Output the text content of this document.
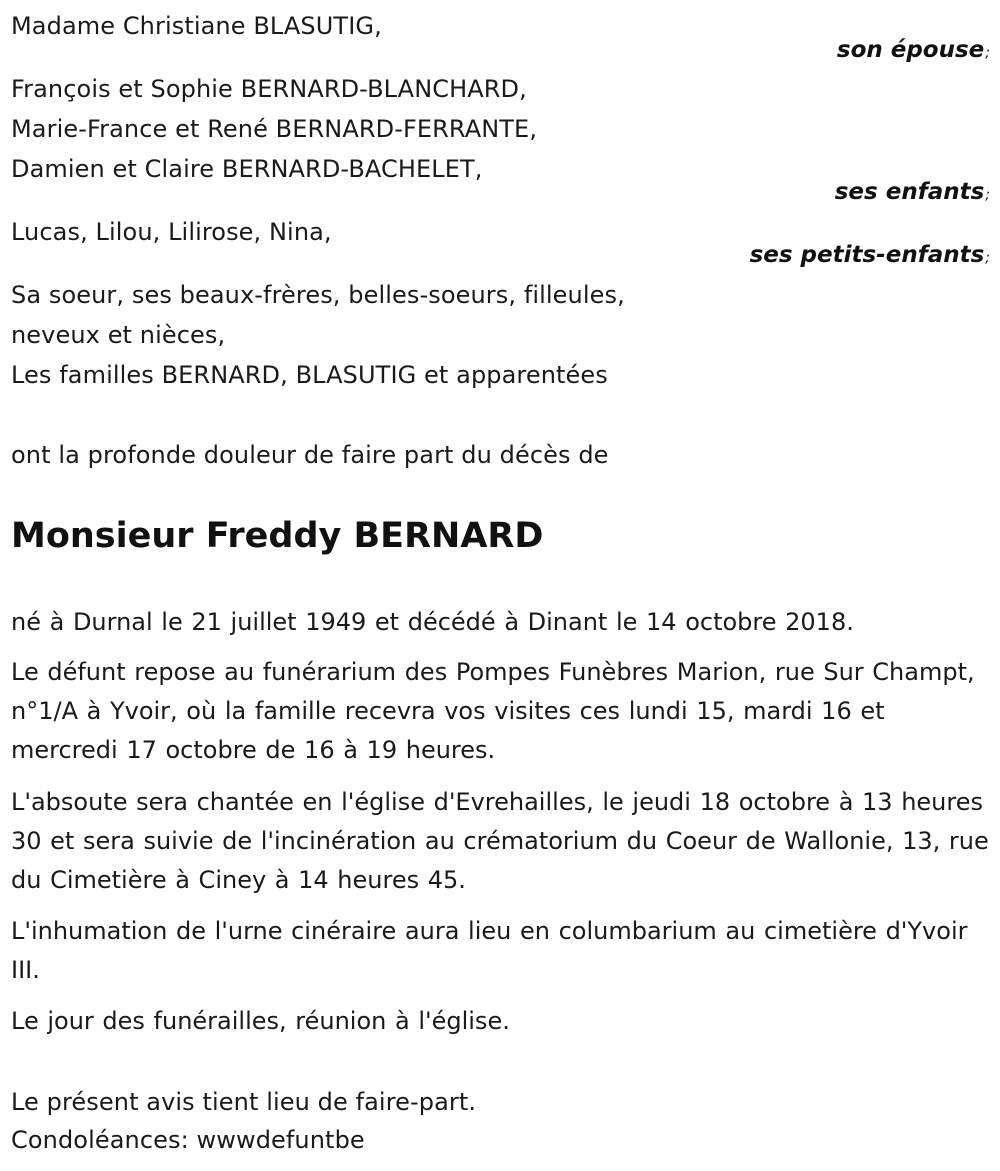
Madame Christiane BLASUTIG,
son épouse;
François et Sophie BERNARD-BLANCHARD,
Marie-France et René BERNARD-FERRANTE,
Damien et Claire BERNARD-BACHELET,
ses enfants;
Lucas, Lilou, Lilirose, Nina,
ses petits-enfants;
Sa soeur, ses beaux-frères, belles-soeurs, filleules,
neveux et nièces,
Les familles BERNARD, BLASUTIG et apparentées
ont la profonde douleur de faire part du décès de
Monsieur Freddy BERNARD
né à Durnal le 21 juillet 1949 et décédé à Dinant le 14 octobre 2018.
Le défunt repose au funérarium des Pompes Funèbres Marion, rue Sur Champt, n°1/A à Yvoir, où la famille recevra vos visites ces lundi 15, mardi 16 et mercredi 17 octobre de 16 à 19 heures.
L'absoute sera chantée en l'église d'Evrehailles, le jeudi 18 octobre à 13 heures 30 et sera suivie de l'incinération au crématorium du Coeur de Wallonie, 13, rue du Cimetière à Ciney à 14 heures 45.
L'inhumation de l'urne cinéraire aura lieu en columbarium au cimetière d'Yvoir III.
Le jour des funérailles, réunion à l'église.
Le présent avis tient lieu de faire-part.
Condoléances: wwwdefuntbe
